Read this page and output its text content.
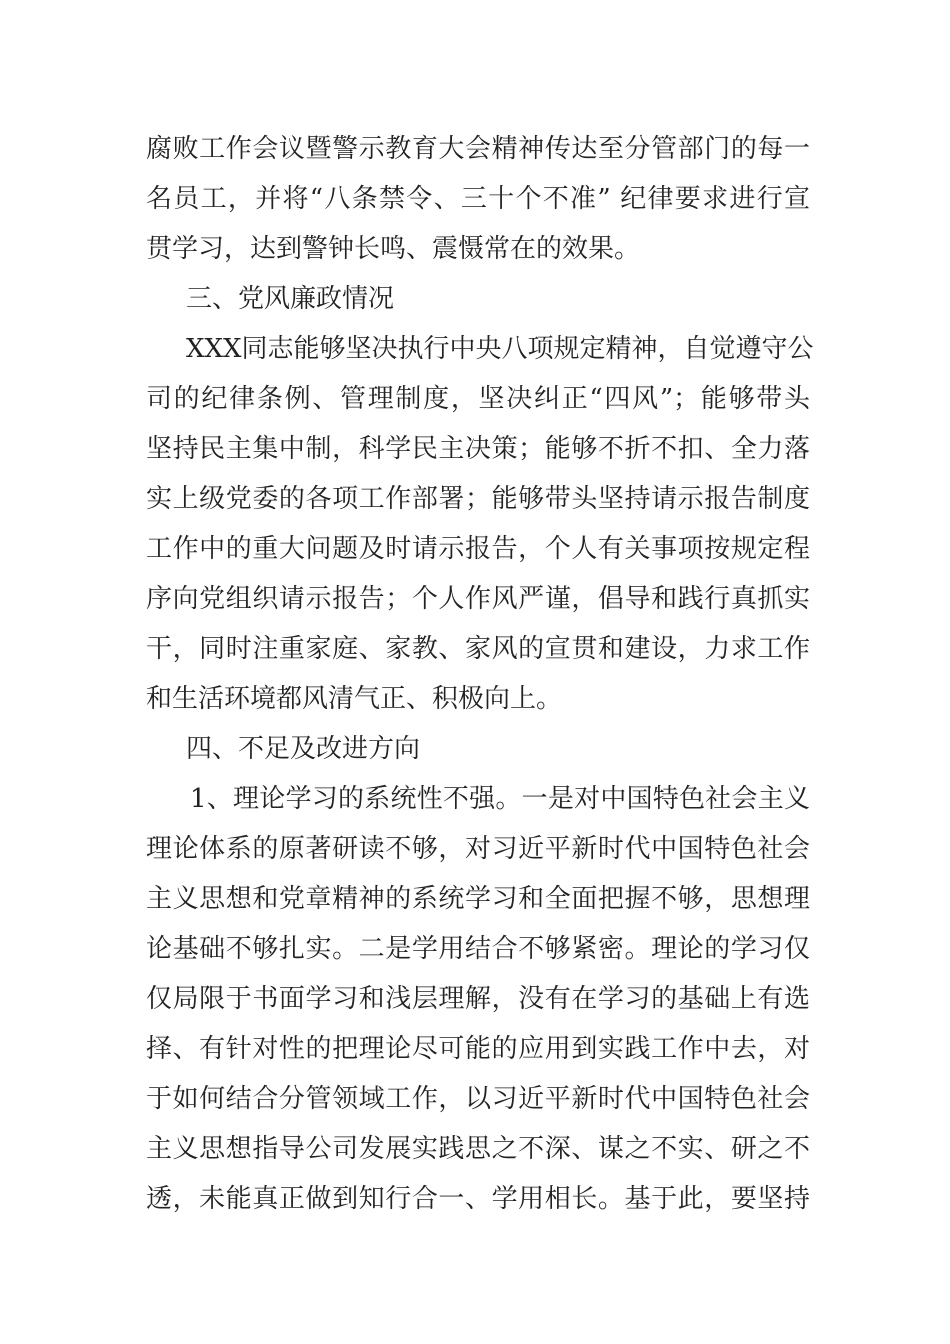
腐败工作会议暨警示教育大会精神传达至分管部门的每一
名员工，并将“八条禁令、三十个不准” 纪律要求进行宣
贯学习，达到警钟长鸣、震慑常在的效果。
三、党风廉政情况
XXX同志能够坚决执行中央八项规定精神，自觉遵守公
司的纪律条例、管理制度，坚决纠正“四风”；能够带头
坚持民主集中制，科学民主决策；能够不折不扣、全力落
实上级党委的各项工作部署；能够带头坚持请示报告制度
工作中的重大问题及时请示报告，个人有关事项按规定程
序向党组织请示报告；个人作风严谨，倡导和践行真抓实
干，同时注重家庭、家教、家风的宣贯和建设，力求工作
和生活环境都风清气正、积极向上。
四、不足及改进方向
1、理论学习的系统性不强。一是对中国特色社会主义
理论体系的原著研读不够，对习近平新时代中国特色社会
主义思想和党章精神的系统学习和全面把握不够，思想理
论基础不够扎实。二是学用结合不够紧密。理论的学习仅
仅局限于书面学习和浅层理解，没有在学习的基础上有选
择、有针对性的把理论尽可能的应用到实践工作中去，对
于如何结合分管领域工作，以习近平新时代中国特色社会
主义思想指导公司发展实践思之不深、谋之不实、研之不
透，未能真正做到知行合一、学用相长。基于此，要坚持
